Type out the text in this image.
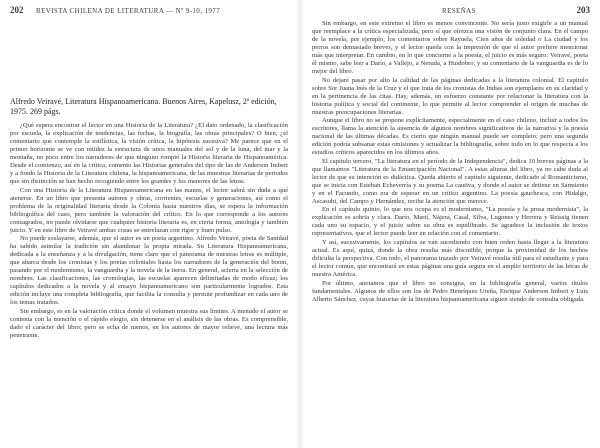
202 REVISTA CHILENA DE LITERATURA — Nº 9-10, 1977
Alfredo Veiravé, Literatura Hispanoamericana. Buenos Aires, Kapelusz, 2ª edición, 1975. 269 págs.

¿Qué espera encontrar el lector en una Historia de la Literatura? ¿El dato ordenado, la clasificación por escuela, la explicación de tendencias, las fechas, la biografía, las obras principales? O bien, ¿el comentario que contemple la estilística, la visión crítica, la hipótesis sucesiva? Me parece que en el primer horizonte se ve con nitidez la estructura de unos manuales del sol y de la luna, del mar y la montaña, no poco entre los narradores de que ninguno rompió la Historia literaria de Hispanoamérica. Desde el comienzo, así en la crítica, comento las Historias generales del tipo de las de Anderson Imbert y a fondo la Historia de la Literatura chilena, la hispanoamericana, de las muestras literarias de periodos que sin distinción se han hecho recogiendo entre los grandes y los menores de las letras.

Con una Historia de la Literatura Hispanoamericana en las manos, el lector sabrá sin duda a qué atenerse. En un libro que presenta autores y obras, corrientes, escuelas y generaciones, así como el problema de la originalidad literaria desde la Colonia hasta nuestros días, se espera la información bibliográfica del caso, pero también la valoración del crítico. En lo que corresponde a los autores consagrados, no puede olvidarse que cualquier historia literaria es, en cierta forma, antología y también juicio. Y en este libro de Veiravé ambas cosas se entrelazan con rigor y buen pulso.

No puede soslayarse, además, que el autor es un poeta argentino. Alfredo Veiravé, poeta de Sanidad ha sabido asimilar la tradición sin abandonar la propia mirada. Su Literatura Hispanoamericana, dedicada a la enseñanza y a la divulgación, tiene claro que el panorama de nuestras letras es múltiple, que abarca desde los cronistas y los poetas coloniales hasta los narradores de la generación del boom, pasando por el modernismo, la vanguardia y la novela de la tierra. En general, acierta en la selección de nombres. Las clasificaciones, las cronologías, las escuelas aparecen delimitadas de modo eficaz; los capítulos dedicados a la novela y al ensayo hispanoamericano son particularmente logrados. Esta edición incluye una completa bibliografía, que facilita la consulta y permite profundizar en cada uno de los temas tratados.

Sin embargo, es en la valoración crítica donde el volumen muestra sus límites. A menudo el autor se contenta con la mención o el rápido elogio, sin detenerse en el análisis de las obras. Es comprensible, dado el carácter del libro; pero se echa de menos, en los autores de mayor relieve, una lectura más penetrante.

RESEÑAS	203

Sin embargo, en este extremo el libro es menos convincente. No sería justo exigirle a un manual que reemplace a la crítica especializada, pero sí que ofrezca una visión de conjunto clara. En el campo de la novela, por ejemplo, los comentarios sobre Rayuela, Cien años de soledad o La ciudad y los perros son demasiado breves, y el lector queda con la impresión de que el autor prefiere mencionar más que interpretar. En cambio, en lo que concierne a la poesía, el juicio es más seguro: Veiravé, poeta él mismo, sabe leer a Darío, a Vallejo, a Neruda, a Huidobro, y su comentario de la vanguardia es de lo mejor del libro.

No dejaré pasar por alto la calidad de las páginas dedicadas a la literatura colonial. El capítulo sobre Sor Juana Inés de la Cruz y el que trata de los cronistas de Indias son ejemplares en su claridad y en la pertinencia de las citas. Hay, además, un esfuerzo constante por relacionar la literatura con la historia política y social del continente, lo que permite al lector comprender el origen de muchas de nuestras preocupaciones literarias.

Aunque el libro no se propone explícitamente, especialmente en el caso chileno, incluir a todos los escritores, llama la atención la ausencia de algunos nombres significativos de la narrativa y la poesía nacional de las últimas décadas. Es cierto que ningún manual puede ser completo; pero una segunda edición podría subsanar estas omisiones y actualizar la bibliografía, sobre todo en lo que respecta a los estudios críticos aparecidos en los últimos años.

El capítulo tercero, "La literatura en el período de la Independencia", dedica 10 breves páginas a la que llamamos "Literatura de la Emancipación Nacional". A estas alturas del libro, ya no cabe duda al lector de que su intención es didáctica. Queda abierto el capítulo siguiente, dedicado al Romanticismo, que se inicia con Esteban Echeverría y su poema La cautiva, y donde el autor se detiene en Sarmiento y en el Facundo, como era de esperar en un crítico argentino. La poesía gauchesca, con Hidalgo, Ascasubi, del Campo y Hernández, recibe la atención que merece.

En el capítulo quinto, lo que nos ocupa es el modernismo, "La poesía y la prosa modernista", la explicación es sobria y clara. Darío, Martí, Nájera, Casal, Silva, Lugones y Herrera y Reissig tienen cada uno su espacio, y el juicio sobre su obra es equilibrado. Se agradece la inclusión de textos representativos, que el lector puede leer en relación con el comentario.

Y así, sucesivamente, los capítulos se van sucediendo con buen orden hasta llegar a la literatura actual. Es aquí, quizá, donde la obra resulta más discutible, porque la proximidad de los hechos dificulta la perspectiva. Con todo, el panorama trazado por Veiravé resulta útil para el estudiante y para el lector común, que encontrará en estas páginas una guía segura en el amplio territorio de las letras de nuestra América.

Por último, anotamos que el libro no consigna, en la bibliografía general, varios títulos fundamentales. Algunos de ellos son los de Pedro Henríquez Ureña, Enrique Anderson Imbert y Luis Alberto Sánchez, cuyas historias de la literatura hispanoamericana siguen siendo de consulta obligada.
